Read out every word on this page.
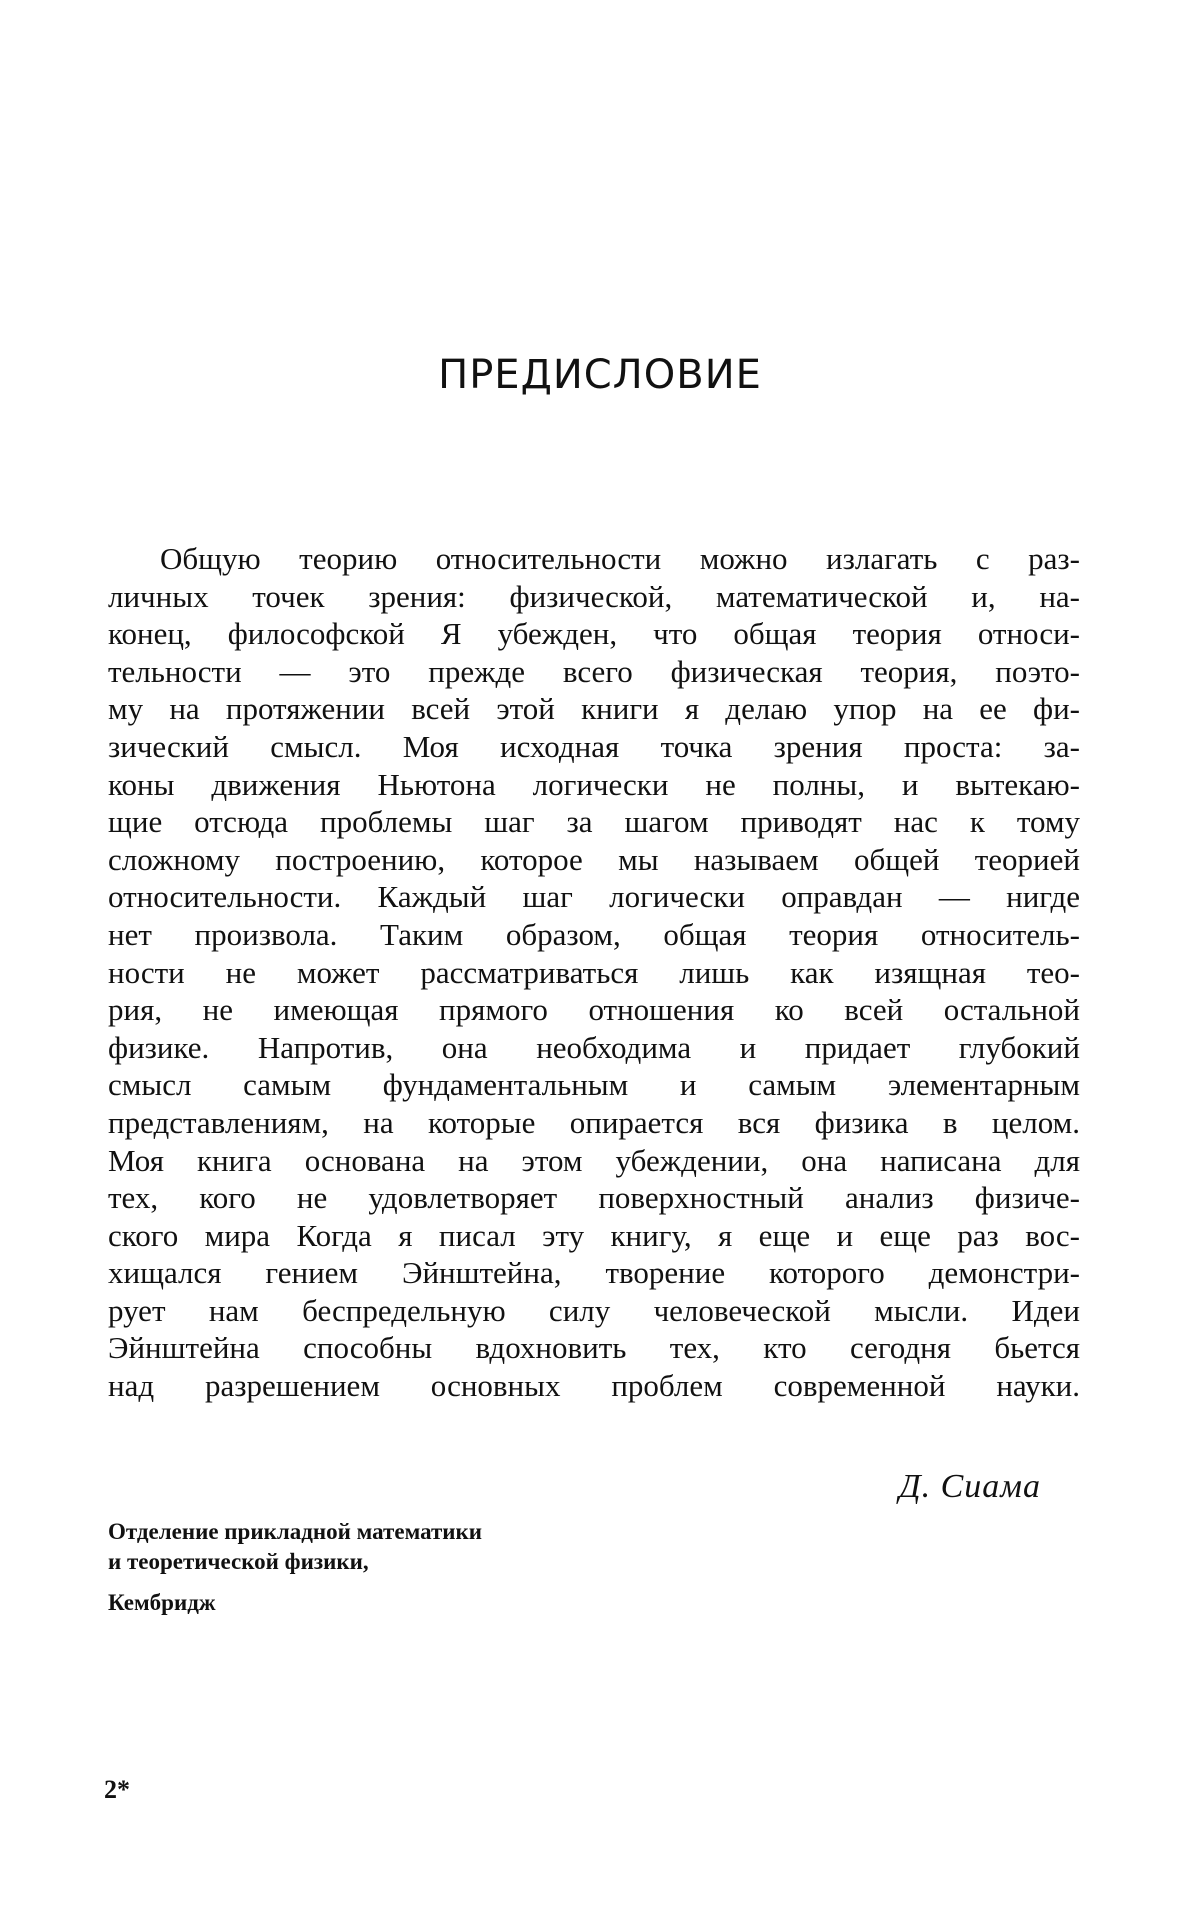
ПРЕДИСЛОВИЕ
Общую теорию относительности можно излагать с раз-
личных точек зрения: физической, математической и, на-
конец, философской Я убежден, что общая теория относи-
тельности — это прежде всего физическая теория, поэто-
му на протяжении всей этой книги я делаю упор на ее фи-
зический смысл. Моя исходная точка зрения проста: за-
коны движения Ньютона логически не полны, и вытекаю-
щие отсюда проблемы шаг за шагом приводят нас к тому
сложному построению, которое мы называем общей теорией
относительности. Каждый шаг логически оправдан — нигде
нет произвола. Таким образом, общая теория относитель-
ности не может рассматриваться лишь как изящная тео-
рия, не имеющая прямого отношения ко всей остальной
физике. Напротив, она необходима и придает глубокий
смысл самым фундаментальным и самым элементарным
представлениям, на которые опирается вся физика в целом.
Моя книга основана на этом убеждении, она написана для
тех, кого не удовлетворяет поверхностный анализ физиче-
ского мира Когда я писал эту книгу, я еще и еще раз вос-
хищался гением Эйнштейна, творение которого демонстри-
рует нам беспредельную силу человеческой мысли. Идеи
Эйнштейна способны вдохновить тех, кто сегодня бьется
над разрешением основных проблем современной науки.

Д. Сиама

Отделение прикладной математики
и теоретической физики,

Кембридж

2*
